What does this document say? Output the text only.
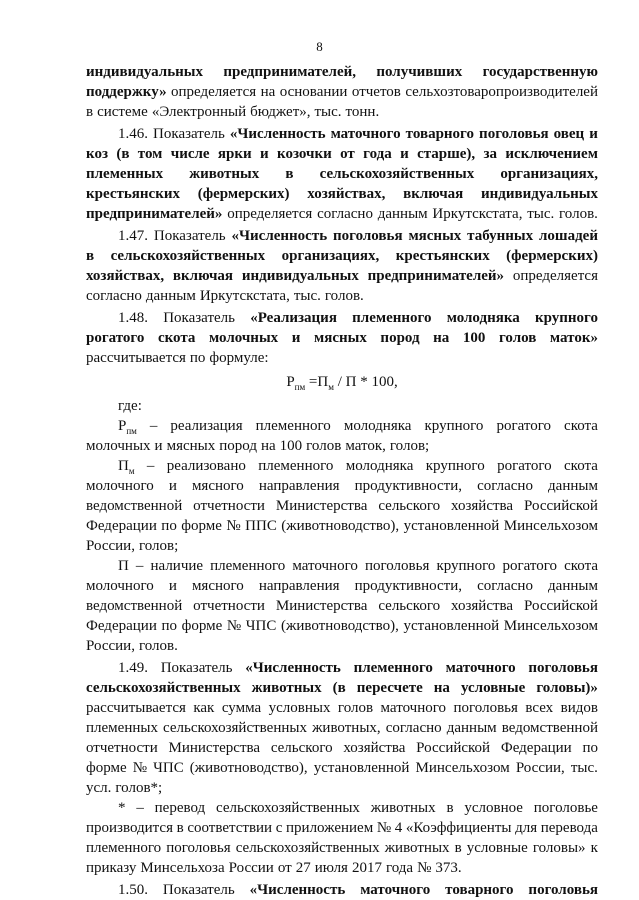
8
индивидуальных предпринимателей, получивших государственную
поддержку» определяется на основании отчетов сельхозтоваропроизводителей
в системе «Электронный бюджет», тыс. тонн.
1.46. Показатель «Численность маточного товарного поголовья овец и
коз (в том числе ярки и козочки от года и старше), за исключением
племенных животных в сельскохозяйственных организациях,
крестьянских (фермерских) хозяйствах, включая индивидуальных
предпринимателей» определяется согласно данным Иркутскстата, тыс. голов.
1.47. Показатель «Численность поголовья мясных табунных лошадей
в сельскохозяйственных организациях, крестьянских (фермерских)
хозяйствах, включая индивидуальных предпринимателей» определяется
согласно данным Иркутскстата, тыс. голов.
1.48. Показатель «Реализация племенного молодняка крупного
рогатого скота молочных и мясных пород на 100 голов маток»
рассчитывается по формуле:
$Р_{пм} =П_м / П * 100$,
где:
$Р_{пм}$ – реализация племенного молодняка крупного рогатого скота
молочных и мясных пород на 100 голов маток, голов;
$П_м$ – реализовано племенного молодняка крупного рогатого скота
молочного и мясного направления продуктивности, согласно данным
ведомственной отчетности Министерства сельского хозяйства Российской
Федерации по форме № ППС (животноводство), установленной Минсельхозом
России, голов;
П – наличие племенного маточного поголовья крупного рогатого скота
молочного и мясного направления продуктивности, согласно данным
ведомственной отчетности Министерства сельского хозяйства Российской
Федерации по форме № ЧПС (животноводство), установленной Минсельхозом
России, голов.
1.49. Показатель «Численность племенного маточного поголовья
сельскохозяйственных животных (в пересчете на условные головы)»
рассчитывается как сумма условных голов маточного поголовья всех видов
племенных сельскохозяйственных животных, согласно данным ведомственной
отчетности Министерства сельского хозяйства Российской Федерации по
форме № ЧПС (животноводство), установленной Минсельхозом России, тыс.
усл. голов*;
* – перевод сельскохозяйственных животных в условное поголовье
производится в соответствии с приложением № 4 «Коэффициенты для перевода
племенного поголовья сельскохозяйственных животных в условные головы» к
приказу Минсельхоза России от 27 июля 2017 года № 373.
1.50. Показатель «Численность маточного товарного поголовья
